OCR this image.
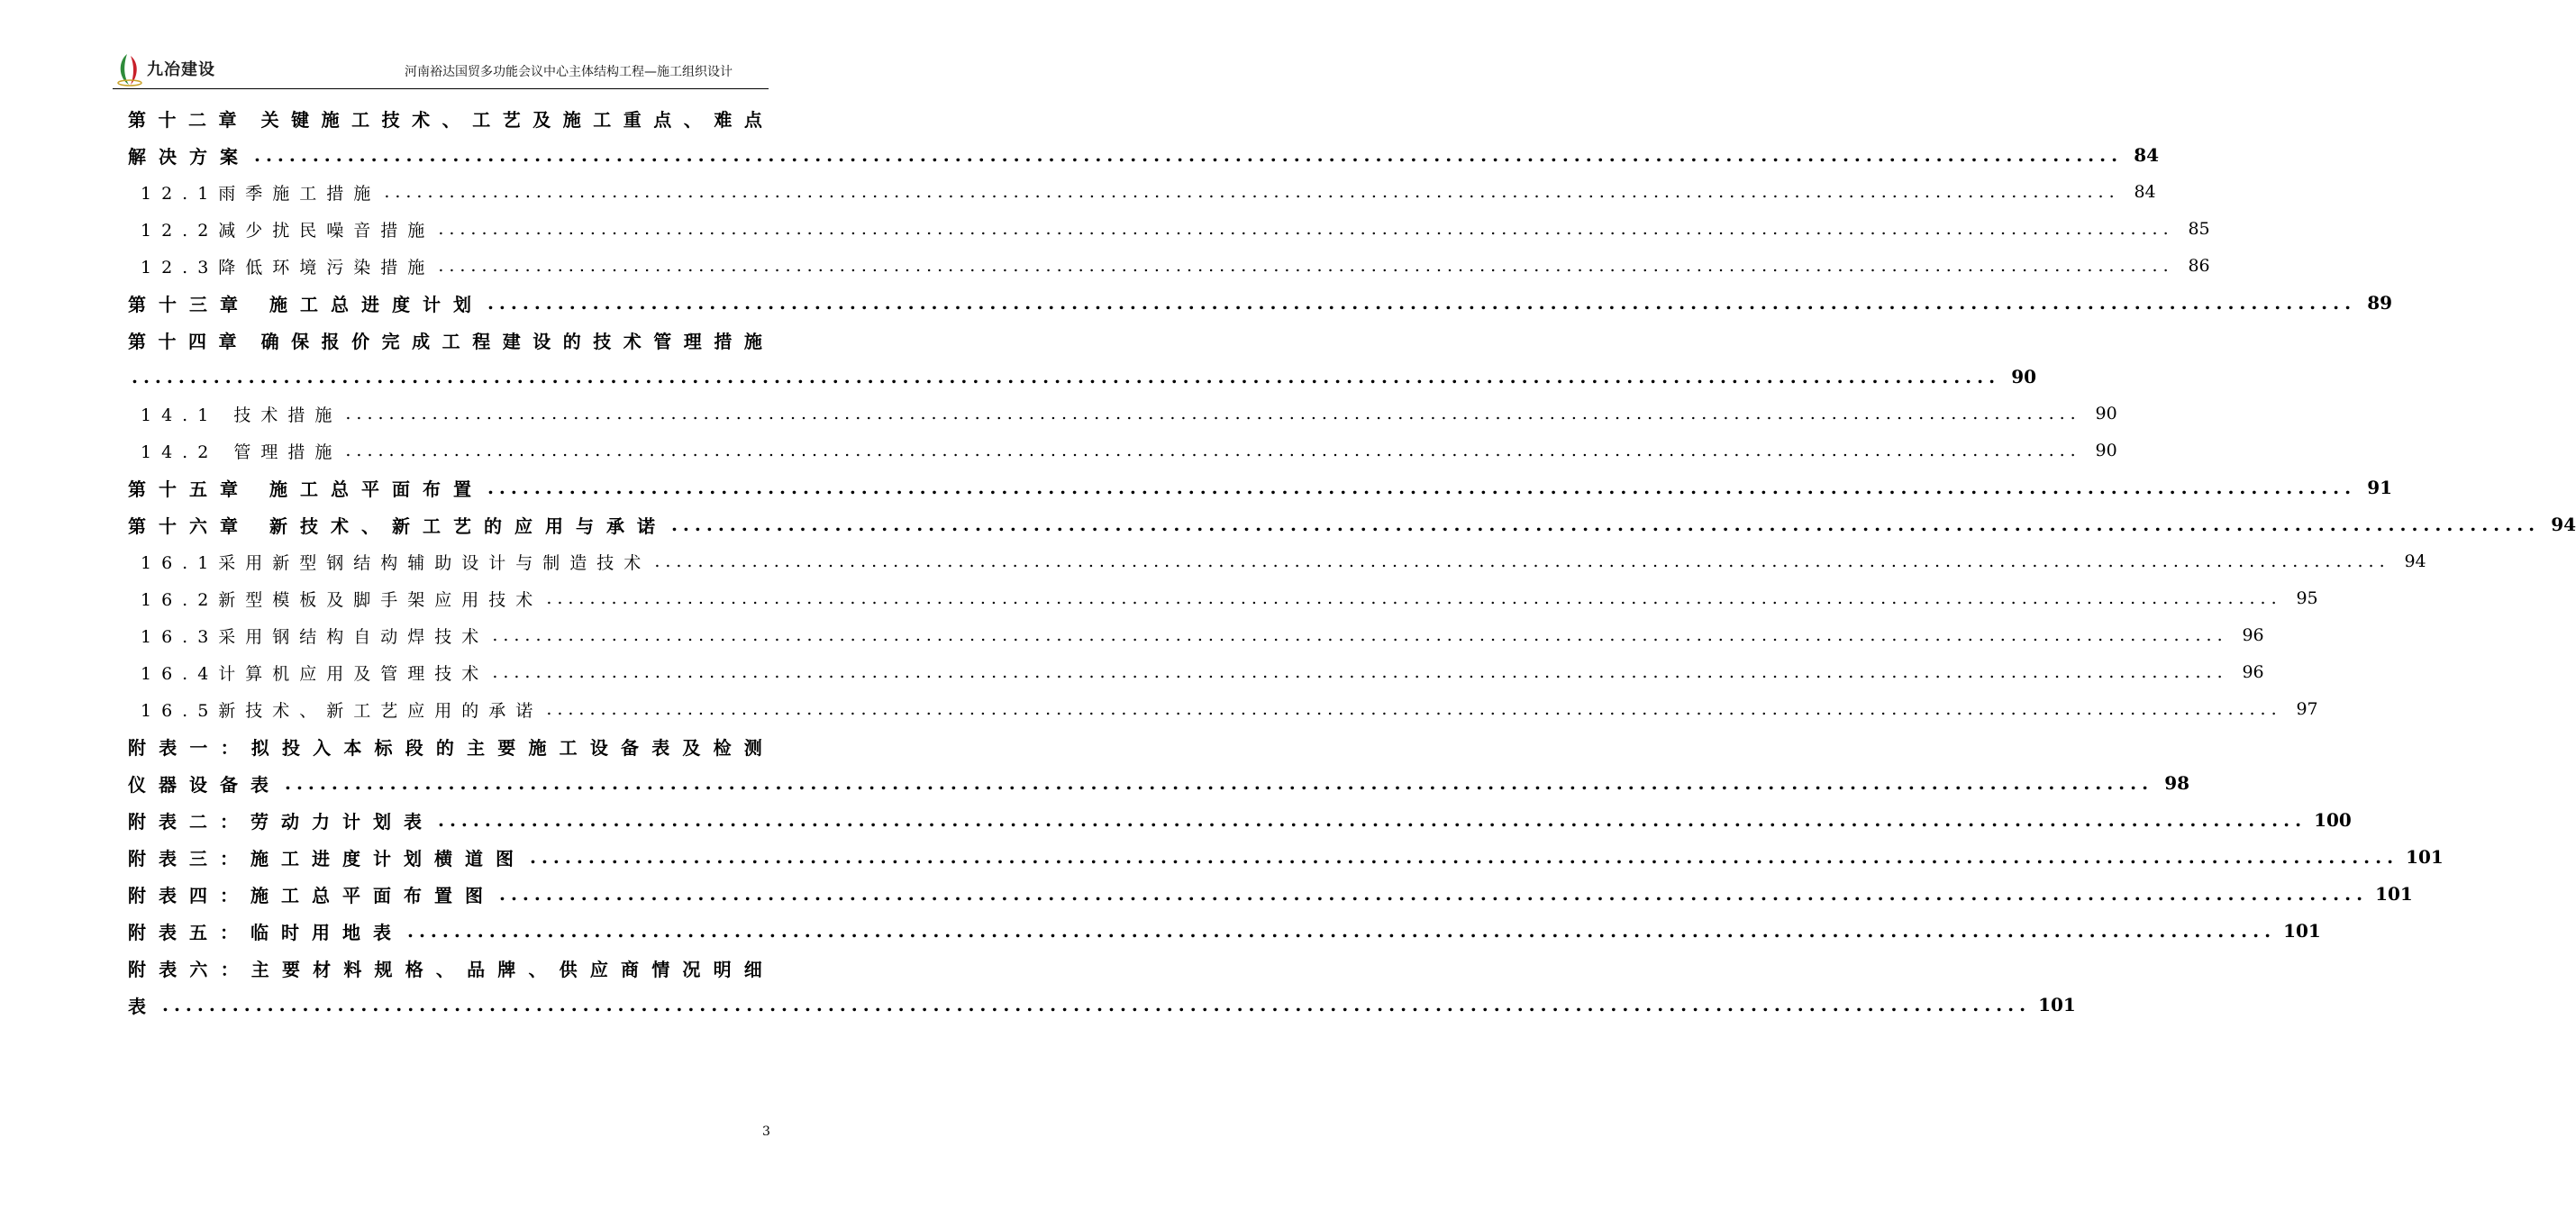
九冶建设	河南裕达国贸多功能会议中心主体结构工程—施工组织设计
第 十 二 章 关 键 施 工 技 术 、 工 艺 及 施 工 重 点 、 难 点
解决方案 ................................................................................................................................................................ 84
12.1雨季施工措施 ................................................................................................................................................................ 84
12.2减少扰民噪音措施 ................................................................................................................................................................ 85
12.3降低环境污染措施 ................................................................................................................................................................ 86
第十三章 施工总进度计划 ................................................................................................................................................................ 89
第 十 四 章 确 保 报 价 完 成 工 程 建 设 的 技 术 管 理 措 施
................................................................................................................................................................ 90
14.1 技术措施 ................................................................................................................................................................ 90
14.2 管理措施 ................................................................................................................................................................ 90
第十五章 施工总平面布置 ................................................................................................................................................................ 91
第十六章 新技术、新工艺的应用与承诺 ................................................................................................................................................................ 94
16.1采用新型钢结构辅助设计与制造技术 ................................................................................................................................................................ 94
16.2新型模板及脚手架应用技术 ................................................................................................................................................................ 95
16.3采用钢结构自动焊技术 ................................................................................................................................................................ 96
16.4计算机应用及管理技术 ................................................................................................................................................................ 96
16.5新技术、新工艺应用的承诺 ................................................................................................................................................................ 97
附 表 一 ： 拟 投 入 本 标 段 的 主 要 施 工 设 备 表 及 检 测
仪器设备表 ................................................................................................................................................................ 98
附表二：劳动力计划表 ................................................................................................................................................................ 100
附表三：施工进度计划横道图 ................................................................................................................................................................ 101
附表四：施工总平面布置图 ................................................................................................................................................................ 101
附表五：临时用地表 ................................................................................................................................................................ 101
附 表 六 ： 主 要 材 料 规 格 、 品 牌 、 供 应 商 情 况 明 细
表 ................................................................................................................................................................ 101
3
